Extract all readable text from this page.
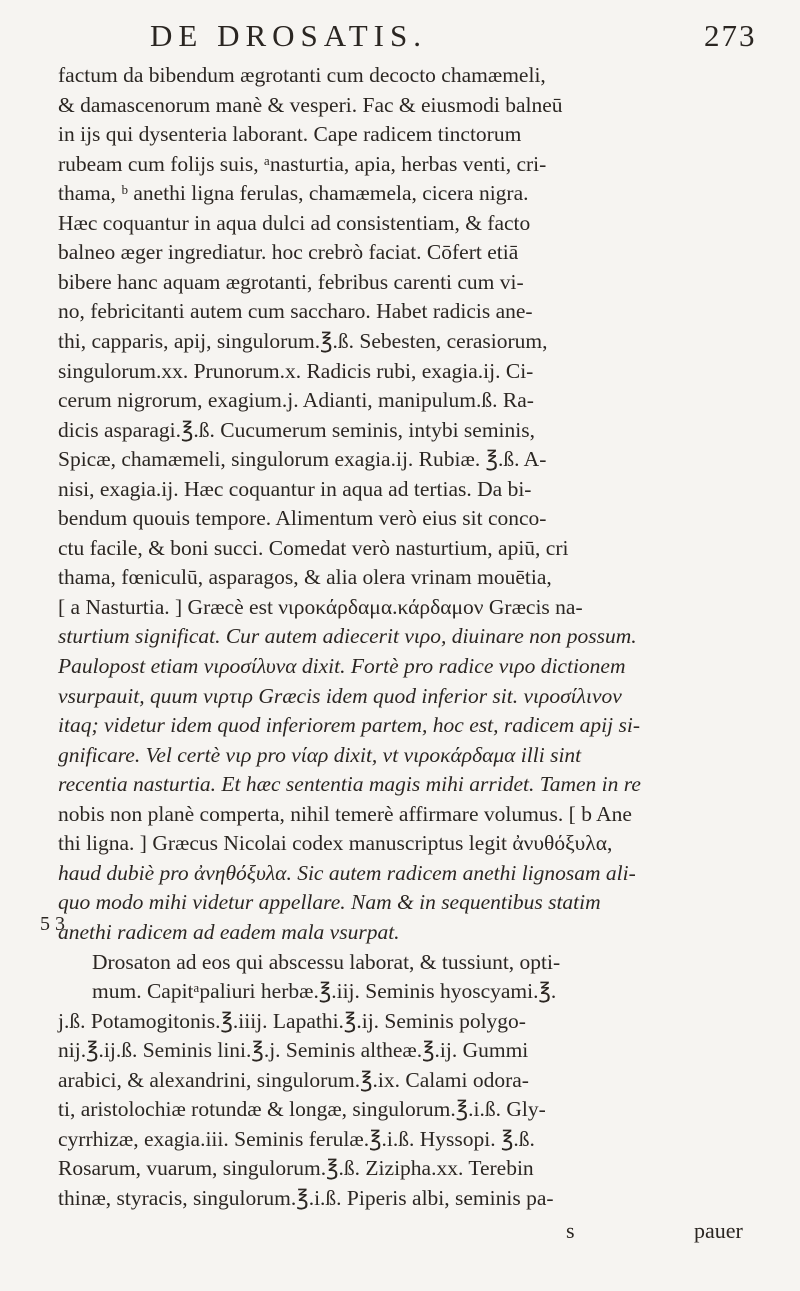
DE DROSATIS.	273
5 3
factum da bibendum ægrotanti cum decocto chamæmeli,
& damascenorum manè & vesperi. Fac & eiusmodi balneū
in ijs qui dysenteria laborant. Cape radicem tinctorum
rubeam cum folijs suis, ᵃnasturtia, apia, herbas venti, cri-
thama, ᵇ anethi ligna ferulas, chamæmela, cicera nigra.
Hæc coquantur in aqua dulci ad consistentiam, & facto
balneo æger ingrediatur. hoc crebrò faciat. Cōfert etiā
bibere hanc aquam ægrotanti, febribus carenti cum vi-
no, febricitanti autem cum saccharo. Habet radicis ane-
thi, capparis, apij, singulorum.℥.ß. Sebesten, cerasiorum,
singulorum.xx. Prunorum.x. Radicis rubi, exagia.ij. Ci-
cerum nigrorum, exagium.j. Adianti, manipulum.ß. Ra-
dicis asparagi.℥.ß. Cucumerum seminis, intybi seminis,
Spicæ, chamæmeli, singulorum exagia.ij. Rubiæ. ℥.ß. A-
nisi, exagia.ij. Hæc coquantur in aqua ad tertias. Da bi-
bendum quouis tempore. Alimentum verò eius sit conco-
ctu facile, & boni succi. Comedat verò nasturtium, apiū, cri
thama, fœniculū, asparagos, & alia olera vrinam mouētia,
[ a Nasturtia. ] Græcè est νιροκάρδαμα.κάρδαμον Græcis na-
sturtium significat. Cur autem adiecerit νιρο, diuinare non possum.
Paulopost etiam νιροσίλυνα dixit. Fortè pro radice νιρο dictionem
vsurpauit, quum νιρτιρ Græcis idem quod inferior sit. νιροσίλινον
itaq; videtur idem quod inferiorem partem, hoc est, radicem apij si-
gnificare. Vel certè νιρ pro νίαρ dixit, vt νιροκάρδαμα illi sint
recentia nasturtia. Et hæc sententia magis mihi arridet. Tamen in re
nobis non planè comperta, nihil temerè affirmare volumus. [ b Ane
thi ligna. ] Græcus Nicolai codex manuscriptus legit ἀνυθόξυλα,
haud dubiè pro ἀνηθόξυλα. Sic autem radicem anethi lignosam ali-
quo modo mihi videtur appellare. Nam & in sequentibus statim
anethi radicem ad eadem mala vsurpat.
Drosaton ad eos qui abscessu laborat, & tussiunt, opti-
mum. Capitᵃpaliuri herbæ.℥.iij. Seminis hyoscyami.℥.
j.ß. Potamogitonis.℥.iiij. Lapathi.℥.ij. Seminis polygo-
nij.℥.ij.ß. Seminis lini.℥.j. Seminis altheæ.℥.ij. Gummi
arabici, & alexandrini, singulorum.℥.ix. Calami odora-
ti, aristolochiæ rotundæ & longæ, singulorum.℥.i.ß. Gly-
cyrrhizæ, exagia.iii. Seminis ferulæ.℥.i.ß. Hyssopi. ℥.ß.
Rosarum, vuarum, singulorum.℥.ß. Zizipha.xx. Terebin
thinæ, styracis, singulorum.℥.i.ß. Piperis albi, seminis pa-
s	pauer
